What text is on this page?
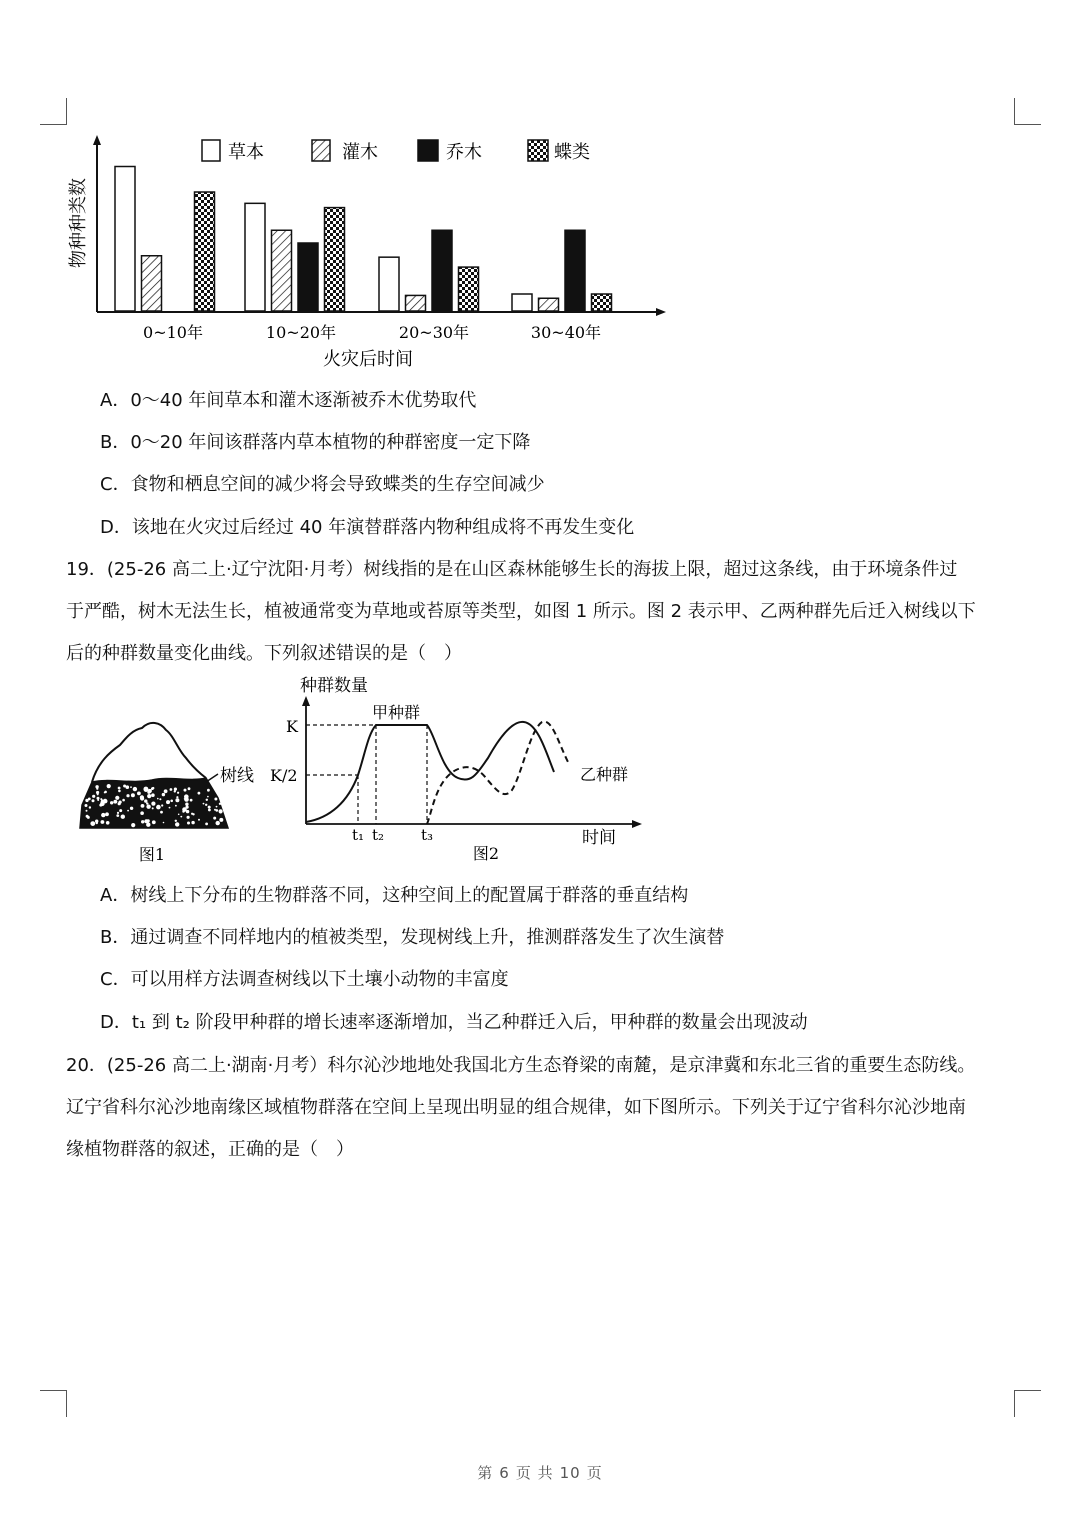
物种种类数
0~10年	10~20年	20~30年	30~40年
火灾后时间
草本	灌木	乔木	蝶类
A．0～40 年间草本和灌木逐渐被乔木优势取代
B．0～20 年间该群落内草本植物的种群密度一定下降
C．食物和栖息空间的减少将会导致蝶类的生存空间减少
D．该地在火灾过后经过 40 年演替群落内物种组成将不再发生变化
19．(25-26 高二上·辽宁沈阳·月考）树线指的是在山区森林能够生长的海拔上限，超过这条线，由于环境条件过
于严酷，树木无法生长，植被通常变为草地或苔原等类型，如图 1 所示。图 2 表示甲、乙两种群先后迁入树线以下
后的种群数量变化曲线。下列叙述错误的是（　）
树线
图1
种群数量
K
K/2
甲种群
乙种群
t₁ t₂ t₃	时间
图2
A．树线上下分布的生物群落不同，这种空间上的配置属于群落的垂直结构
B．通过调查不同样地内的植被类型，发现树线上升，推测群落发生了次生演替
C．可以用样方法调查树线以下土壤小动物的丰富度
D．t₁ 到 t₂ 阶段甲种群的增长速率逐渐增加，当乙种群迁入后，甲种群的数量会出现波动
20．(25-26 高二上·湖南·月考）科尔沁沙地地处我国北方生态脊梁的南麓，是京津冀和东北三省的重要生态防线。
辽宁省科尔沁沙地南缘区域植物群落在空间上呈现出明显的组合规律，如下图所示。下列关于辽宁省科尔沁沙地南
缘植物群落的叙述，正确的是（　）
第 6 页 共 10 页
